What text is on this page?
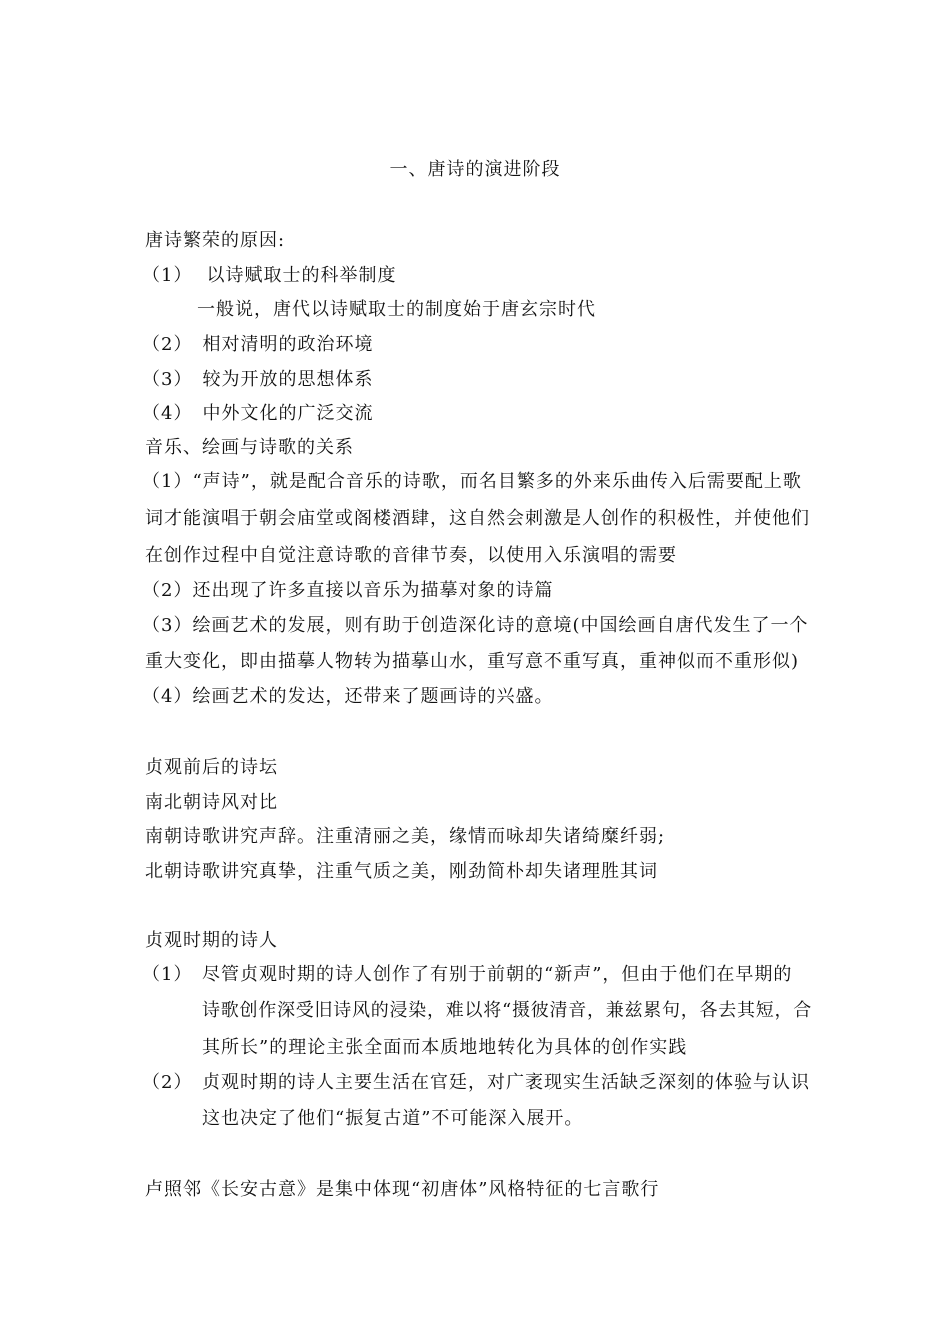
一、唐诗的演进阶段
唐诗繁荣的原因:
（1） 以诗赋取士的科举制度
一般说，唐代以诗赋取士的制度始于唐玄宗时代
（2） 相对清明的政治环境
（3） 较为开放的思想体系
（4） 中外文化的广泛交流
音乐、绘画与诗歌的关系
（1）“声诗”，就是配合音乐的诗歌，而名目繁多的外来乐曲传入后需要配上歌
词才能演唱于朝会庙堂或阁楼酒肆，这自然会刺激是人创作的积极性，并使他们
在创作过程中自觉注意诗歌的音律节奏，以使用入乐演唱的需要
（2）还出现了许多直接以音乐为描摹对象的诗篇
（3）绘画艺术的发展，则有助于创造深化诗的意境(中国绘画自唐代发生了一个
重大变化，即由描摹人物转为描摹山水，重写意不重写真，重神似而不重形似)
（4）绘画艺术的发达，还带来了题画诗的兴盛。
贞观前后的诗坛
南北朝诗风对比
南朝诗歌讲究声辞。注重清丽之美，缘情而咏却失诸绮糜纤弱;
北朝诗歌讲究真挚，注重气质之美，刚劲简朴却失诸理胜其词
贞观时期的诗人
（1） 尽管贞观时期的诗人创作了有别于前朝的“新声”，但由于他们在早期的
诗歌创作深受旧诗风的浸染，难以将“摄彼清音，兼兹累句，各去其短，合
其所长”的理论主张全面而本质地地转化为具体的创作实践
（2） 贞观时期的诗人主要生活在官廷，对广袤现实生活缺乏深刻的体验与认识
这也决定了他们“振复古道”不可能深入展开。
卢照邻《长安古意》是集中体现“初唐体”风格特征的七言歌行
